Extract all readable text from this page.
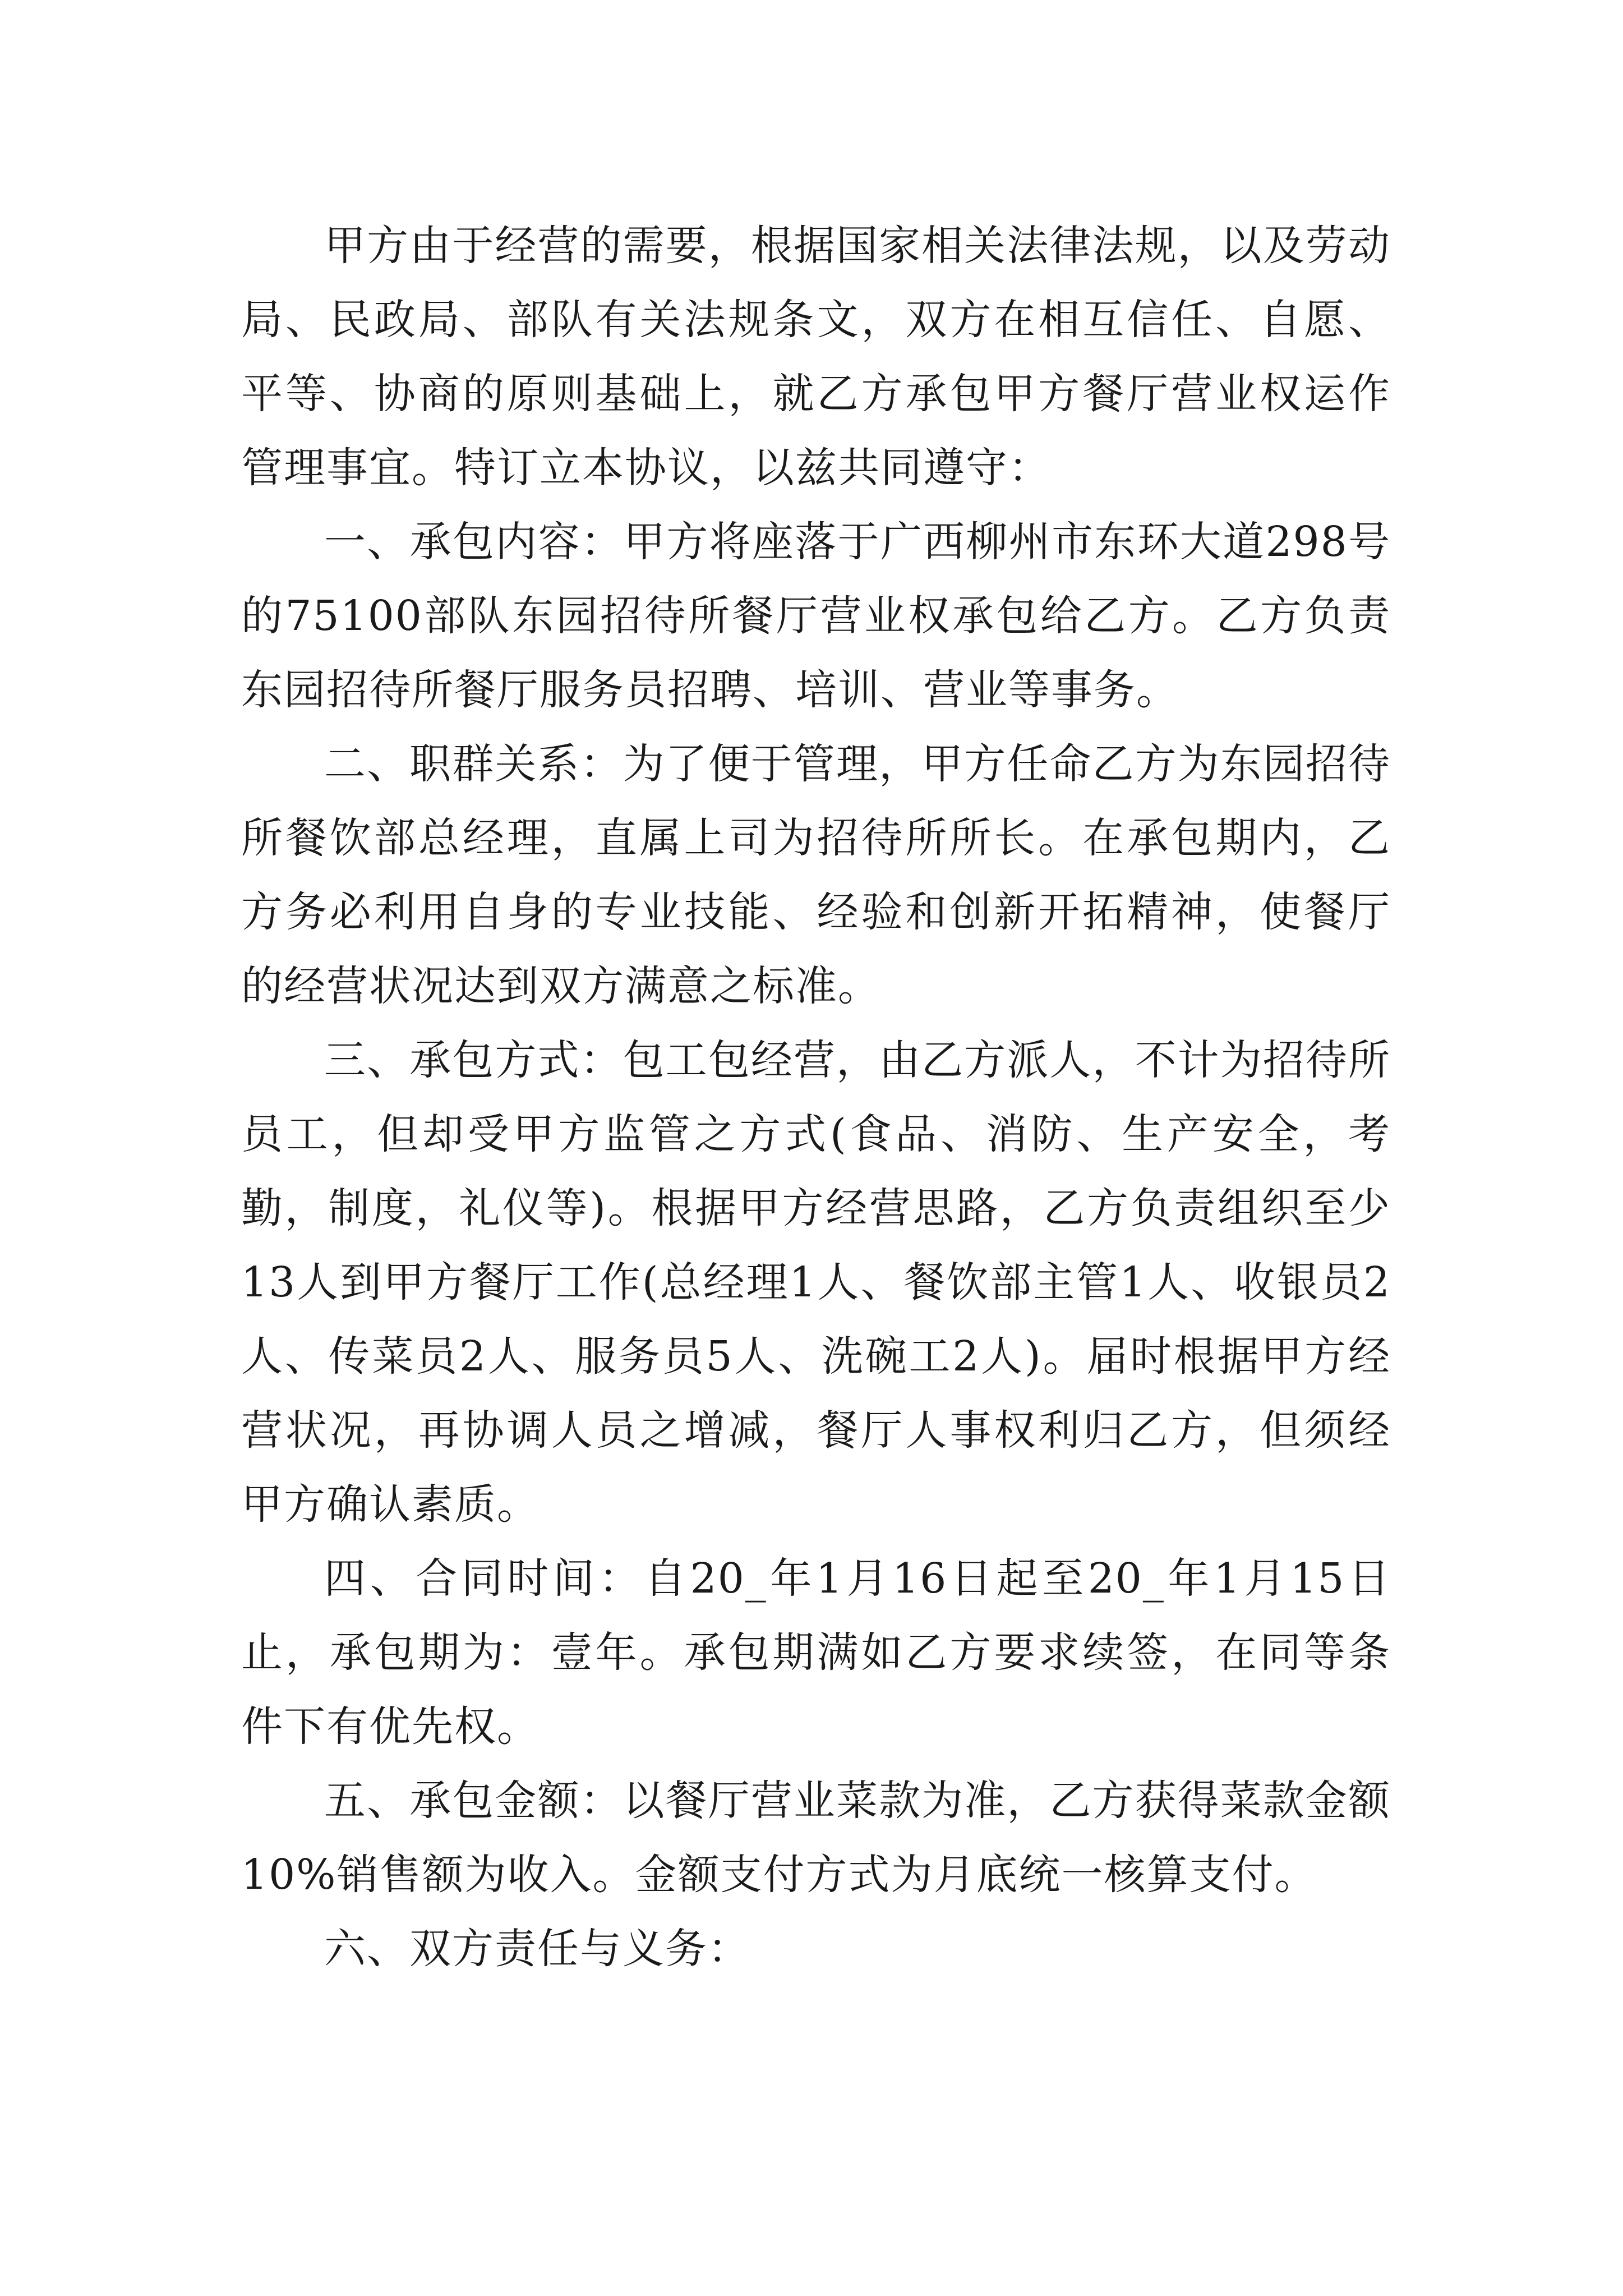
甲方由于经营的需要，根据国家相关法律法规，以及劳动局、民政局、部队有关法规条文，双方在相互信任、自愿、平等、协商的原则基础上，就乙方承包甲方餐厅营业权运作管理事宜。特订立本协议，以兹共同遵守：

一、承包内容：甲方将座落于广西柳州市东环大道298号的75100部队东园招待所餐厅营业权承包给乙方。乙方负责东园招待所餐厅服务员招聘、培训、营业等事务。

二、职群关系：为了便于管理，甲方任命乙方为东园招待所餐饮部总经理，直属上司为招待所所长。在承包期内，乙方务必利用自身的专业技能、经验和创新开拓精神，使餐厅的经营状况达到双方满意之标准。

三、承包方式：包工包经营，由乙方派人，不计为招待所员工，但却受甲方监管之方式(食品、消防、生产安全，考勤，制度，礼仪等)。根据甲方经营思路，乙方负责组织至少13人到甲方餐厅工作(总经理1人、餐饮部主管1人、收银员2人、传菜员2人、服务员5人、洗碗工2人)。届时根据甲方经营状况，再协调人员之增减，餐厅人事权利归乙方，但须经甲方确认素质。

四、合同时间：自20_年1月16日起至20_年1月15日止，承包期为：壹年。承包期满如乙方要求续签，在同等条件下有优先权。

五、承包金额：以餐厅营业菜款为准，乙方获得菜款金额10%销售额为收入。金额支付方式为月底统一核算支付。

六、双方责任与义务：
